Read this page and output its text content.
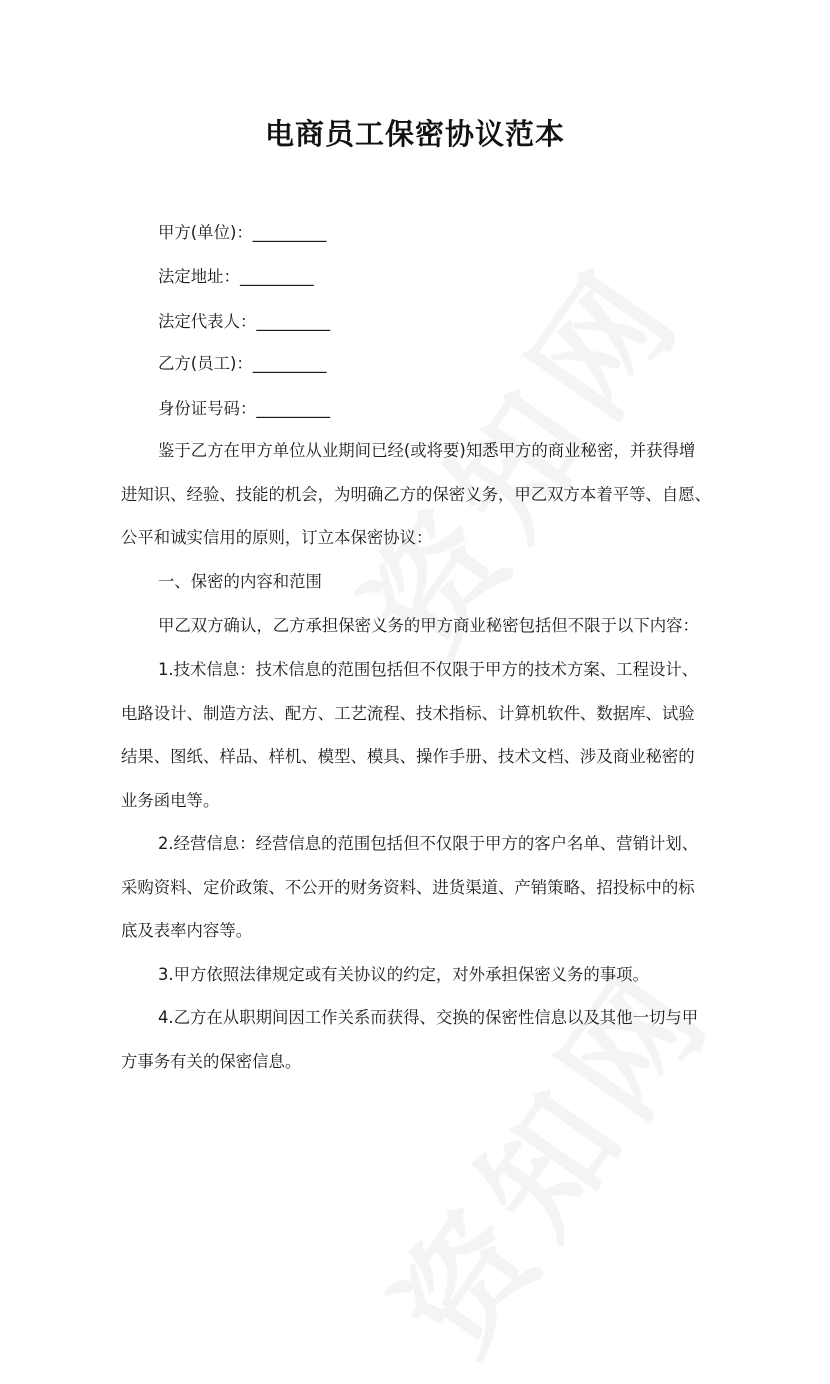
电商员工保密协议范本
甲方(单位)：_________
法定地址：_________
法定代表人：_________
乙方(员工)：_________
身份证号码：_________
鉴于乙方在甲方单位从业期间已经(或将要)知悉甲方的商业秘密，并获得增
进知识、经验、技能的机会，为明确乙方的保密义务，甲乙双方本着平等、自愿、
公平和诚实信用的原则，订立本保密协议：
一、保密的内容和范围
甲乙双方确认，乙方承担保密义务的甲方商业秘密包括但不限于以下内容：
1.技术信息：技术信息的范围包括但不仅限于甲方的技术方案、工程设计、
电路设计、制造方法、配方、工艺流程、技术指标、计算机软件、数据库、试验
结果、图纸、样品、样机、模型、模具、操作手册、技术文档、涉及商业秘密的
业务函电等。
2.经营信息：经营信息的范围包括但不仅限于甲方的客户名单、营销计划、
采购资料、定价政策、不公开的财务资料、进货渠道、产销策略、招投标中的标
底及表率内容等。
3.甲方依照法律规定或有关协议的约定，对外承担保密义务的事项。
4.乙方在从职期间因工作关系而获得、交换的保密性信息以及其他一切与甲
方事务有关的保密信息。
